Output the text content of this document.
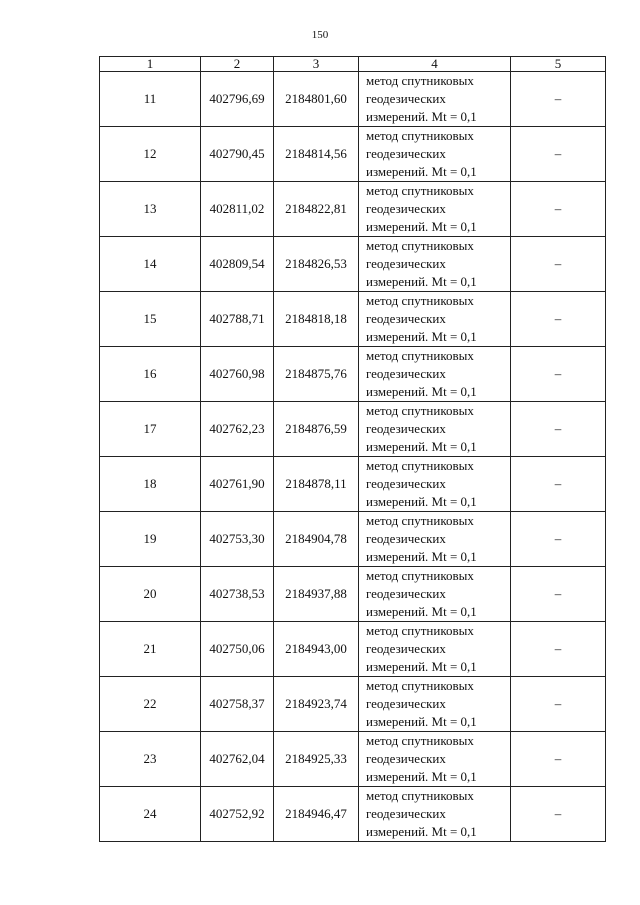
150
1	2	3	4	5
11	402796,69	2184801,60	метод спутниковых
геодезических
измерений. Mt = 0,1	–
12	402790,45	2184814,56	метод спутниковых
геодезических
измерений. Mt = 0,1	–
13	402811,02	2184822,81	метод спутниковых
геодезических
измерений. Mt = 0,1	–
14	402809,54	2184826,53	метод спутниковых
геодезических
измерений. Mt = 0,1	–
15	402788,71	2184818,18	метод спутниковых
геодезических
измерений. Mt = 0,1	–
16	402760,98	2184875,76	метод спутниковых
геодезических
измерений. Mt = 0,1	–
17	402762,23	2184876,59	метод спутниковых
геодезических
измерений. Mt = 0,1	–
18	402761,90	2184878,11	метод спутниковых
геодезических
измерений. Mt = 0,1	–
19	402753,30	2184904,78	метод спутниковых
геодезических
измерений. Mt = 0,1	–
20	402738,53	2184937,88	метод спутниковых
геодезических
измерений. Mt = 0,1	–
21	402750,06	2184943,00	метод спутниковых
геодезических
измерений. Mt = 0,1	–
22	402758,37	2184923,74	метод спутниковых
геодезических
измерений. Mt = 0,1	–
23	402762,04	2184925,33	метод спутниковых
геодезических
измерений. Mt = 0,1	–
24	402752,92	2184946,47	метод спутниковых
геодезических
измерений. Mt = 0,1	–
